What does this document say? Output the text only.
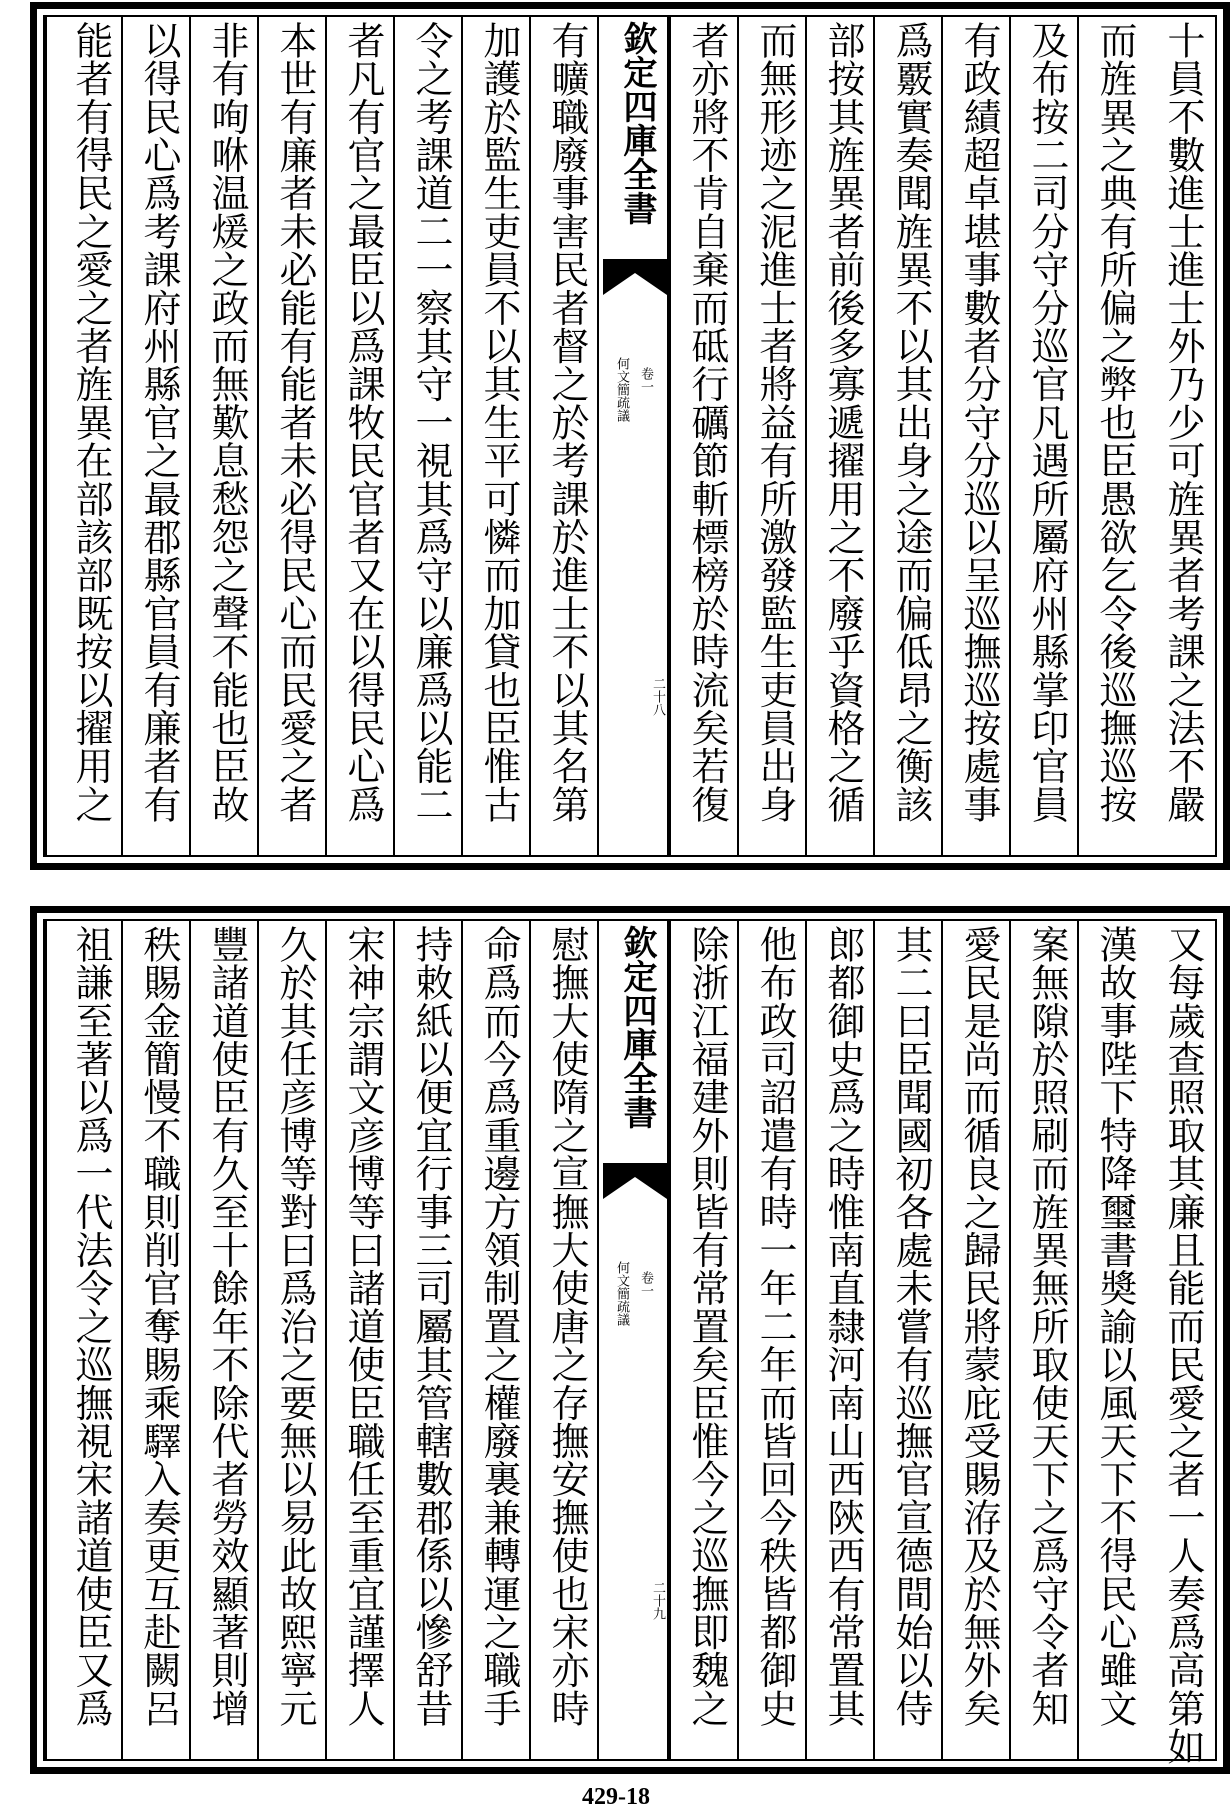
十員不數進士進士外乃少可旌異者考課之法不嚴
而旌異之典有所偏之弊也臣愚欲乞令後巡撫巡按
及布按二司分守分巡官凡遇所屬府州縣掌印官員
有政績超卓堪事數者分守分巡以呈巡撫巡按處事
爲覈實奏聞旌異不以其出身之途而偏低昂之衡該
部按其旌異者前後多寡遞擢用之不廢乎資格之循
而無形迹之泥進士者將益有所激發監生吏員出身
者亦將不肯自棄而砥行礪節斬標榜於時流矣若復
欽定四庫全書
何文簡疏議 卷一
二十八
有曠職廢事害民者督之於考課於進士不以其名第
加護於監生吏員不以其生平可憐而加貸也臣惟古
令之考課道二一察其守一視其爲守以廉爲以能二
者凡有官之最臣以爲課牧民官者又在以得民心爲
本世有廉者未必能有能者未必得民心而民愛之者
非有咰咻温煖之政而無歎息愁怨之聲不能也臣故
以得民心爲考課府州縣官之最郡縣官員有廉者有
能者有得民之愛之者旌異在部該部既按以擢用之
又每歲查照取其廉且能而民愛之者一人奏爲高第如
漢故事陛下特降璽書奬諭以風天下不得民心雖文
案無隙於照刷而旌異無所取使天下之爲守令者知
愛民是尚而循良之歸民將蒙庇受賜洊及於無外矣
其二曰臣聞國初各處未嘗有巡撫官宣德間始以侍
郎都御史爲之時惟南直隸河南山西陝西有常置其
他布政司詔遣有時一年二年而皆回今秩皆都御史
除浙江福建外則皆有常置矣臣惟今之巡撫即魏之
欽定四庫全書
何文簡疏議 卷一
二十九
慰撫大使隋之宣撫大使唐之存撫安撫使也宋亦時
命爲而今爲重邊方領制置之權廢裏兼轉運之職手
持敕紙以便宜行事三司屬其管轄數郡係以慘舒昔
宋神宗謂文彦博等曰諸道使臣職任至重宜謹擇人
久於其任彦博等對曰爲治之要無以易此故熙寧元
豐諸道使臣有久至十餘年不除代者勞效顯著則增
秩賜金簡慢不職則削官奪賜乘驛入奏更互赴闕呂
祖謙至著以爲一代法令之巡撫視宋諸道使臣又爲
429-18
